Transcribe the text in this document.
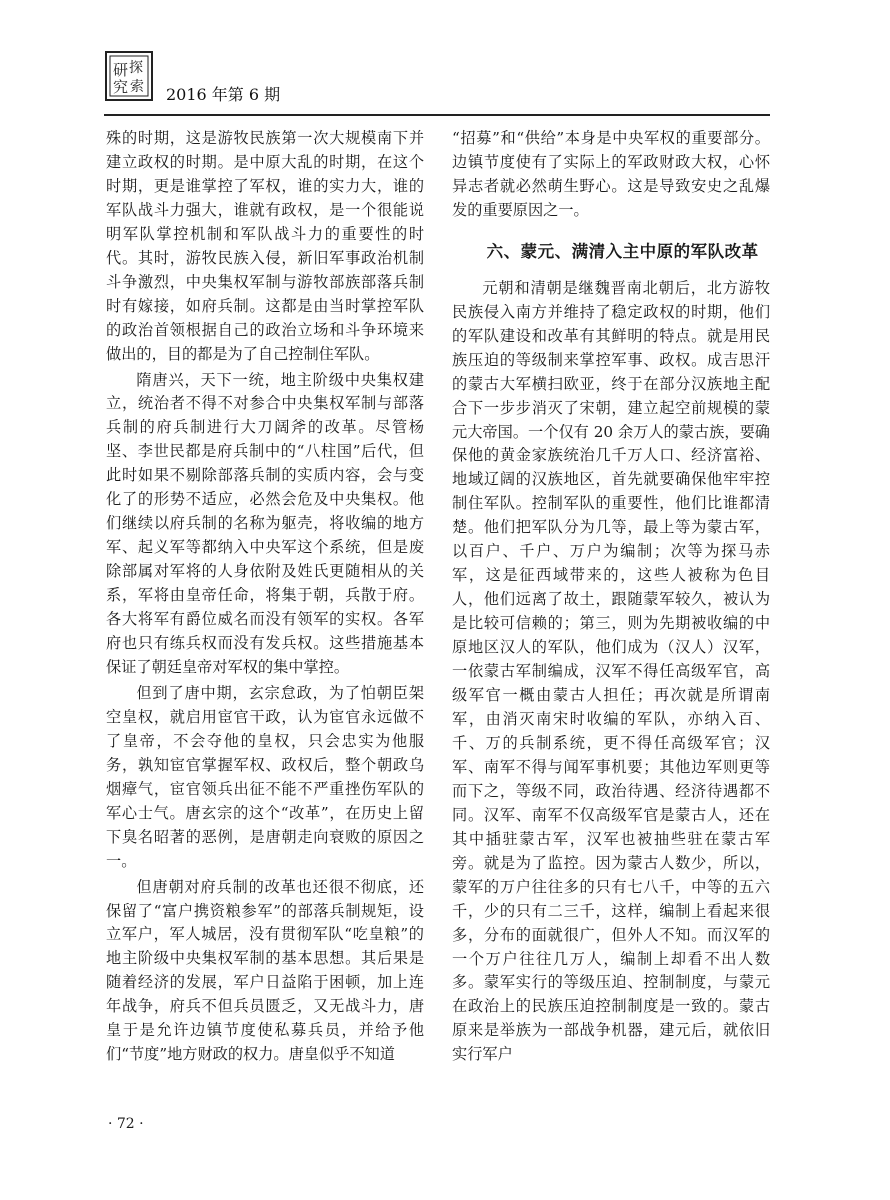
研 探
究 索 2016 年第 6 期

殊的时期，这是游牧民族第一次大规模南下并建立政权的时期。是中原大乱的时期，在这个时期，更是谁掌控了军权，谁的实力大，谁的军队战斗力强大，谁就有政权，是一个很能说明军队掌控机制和军队战斗力的重要性的时代。其时，游牧民族入侵，新旧军事政治机制斗争激烈，中央集权军制与游牧部族部落兵制时有嫁接，如府兵制。这都是由当时掌控军队的政治首领根据自己的政治立场和斗争环境来做出的，目的都是为了自己控制住军队。

隋唐兴，天下一统，地主阶级中央集权建立，统治者不得不对参合中央集权军制与部落兵制的府兵制进行大刀阔斧的改革。尽管杨坚、李世民都是府兵制中的“八柱国”后代，但此时如果不剔除部落兵制的实质内容，会与变化了的形势不适应，必然会危及中央集权。他们继续以府兵制的名称为躯壳，将收编的地方军、起义军等都纳入中央军这个系统，但是废除部属对军将的人身依附及姓氏更随相从的关系，军将由皇帝任命，将集于朝，兵散于府。各大将军有爵位威名而没有领军的实权。各军府也只有练兵权而没有发兵权。这些措施基本保证了朝廷皇帝对军权的集中掌控。

但到了唐中期，玄宗怠政，为了怕朝臣架空皇权，就启用宦官干政，认为宦官永远做不了皇帝，不会夺他的皇权，只会忠实为他服务，孰知宦官掌握军权、政权后，整个朝政乌烟瘴气，宦官领兵出征不能不严重挫伤军队的军心士气。唐玄宗的这个“改革”，在历史上留下臭名昭著的恶例，是唐朝走向衰败的原因之一。

但唐朝对府兵制的改革也还很不彻底，还保留了“富户携资粮参军”的部落兵制规矩，设立军户，军人城居，没有贯彻军队“吃皇粮”的地主阶级中央集权军制的基本思想。其后果是随着经济的发展，军户日益陷于困顿，加上连年战争，府兵不但兵员匮乏，又无战斗力，唐皇于是允许边镇节度使私募兵员，并给予他们“节度”地方财政的权力。唐皇似乎不知道

“招募”和“供给”本身是中央军权的重要部分。边镇节度使有了实际上的军政财政大权，心怀异志者就必然萌生野心。这是导致安史之乱爆发的重要原因之一。

六、蒙元、满清入主中原的军队改革

元朝和清朝是继魏晋南北朝后，北方游牧民族侵入南方并维持了稳定政权的时期，他们的军队建设和改革有其鲜明的特点。就是用民族压迫的等级制来掌控军事、政权。成吉思汗的蒙古大军横扫欧亚，终于在部分汉族地主配合下一步步消灭了宋朝，建立起空前规模的蒙元大帝国。一个仅有 20 余万人的蒙古族，要确保他的黄金家族统治几千万人口、经济富裕、地域辽阔的汉族地区，首先就要确保他牢牢控制住军队。控制军队的重要性，他们比谁都清楚。他们把军队分为几等，最上等为蒙古军，以百户、千户、万户为编制；次等为探马赤军，这是征西域带来的，这些人被称为色目人，他们远离了故土，跟随蒙军较久，被认为是比较可信赖的；第三，则为先期被收编的中原地区汉人的军队，他们成为（汉人）汉军，一依蒙古军制编成，汉军不得任高级军官，高级军官一概由蒙古人担任；再次就是所谓南军，由消灭南宋时收编的军队，亦纳入百、千、万的兵制系统，更不得任高级军官；汉军、南军不得与闻军事机要；其他边军则更等而下之，等级不同，政治待遇、经济待遇都不同。汉军、南军不仅高级军官是蒙古人，还在其中插驻蒙古军，汉军也被抽些驻在蒙古军旁。就是为了监控。因为蒙古人数少，所以，蒙军的万户往往多的只有七八千，中等的五六千，少的只有二三千，这样，编制上看起来很多，分布的面就很广，但外人不知。而汉军的一个万户往往几万人，编制上却看不出人数多。蒙军实行的等级压迫、控制制度，与蒙元在政治上的民族压迫控制制度是一致的。蒙古原来是举族为一部战争机器，建元后，就依旧实行军户

· 72 ·
